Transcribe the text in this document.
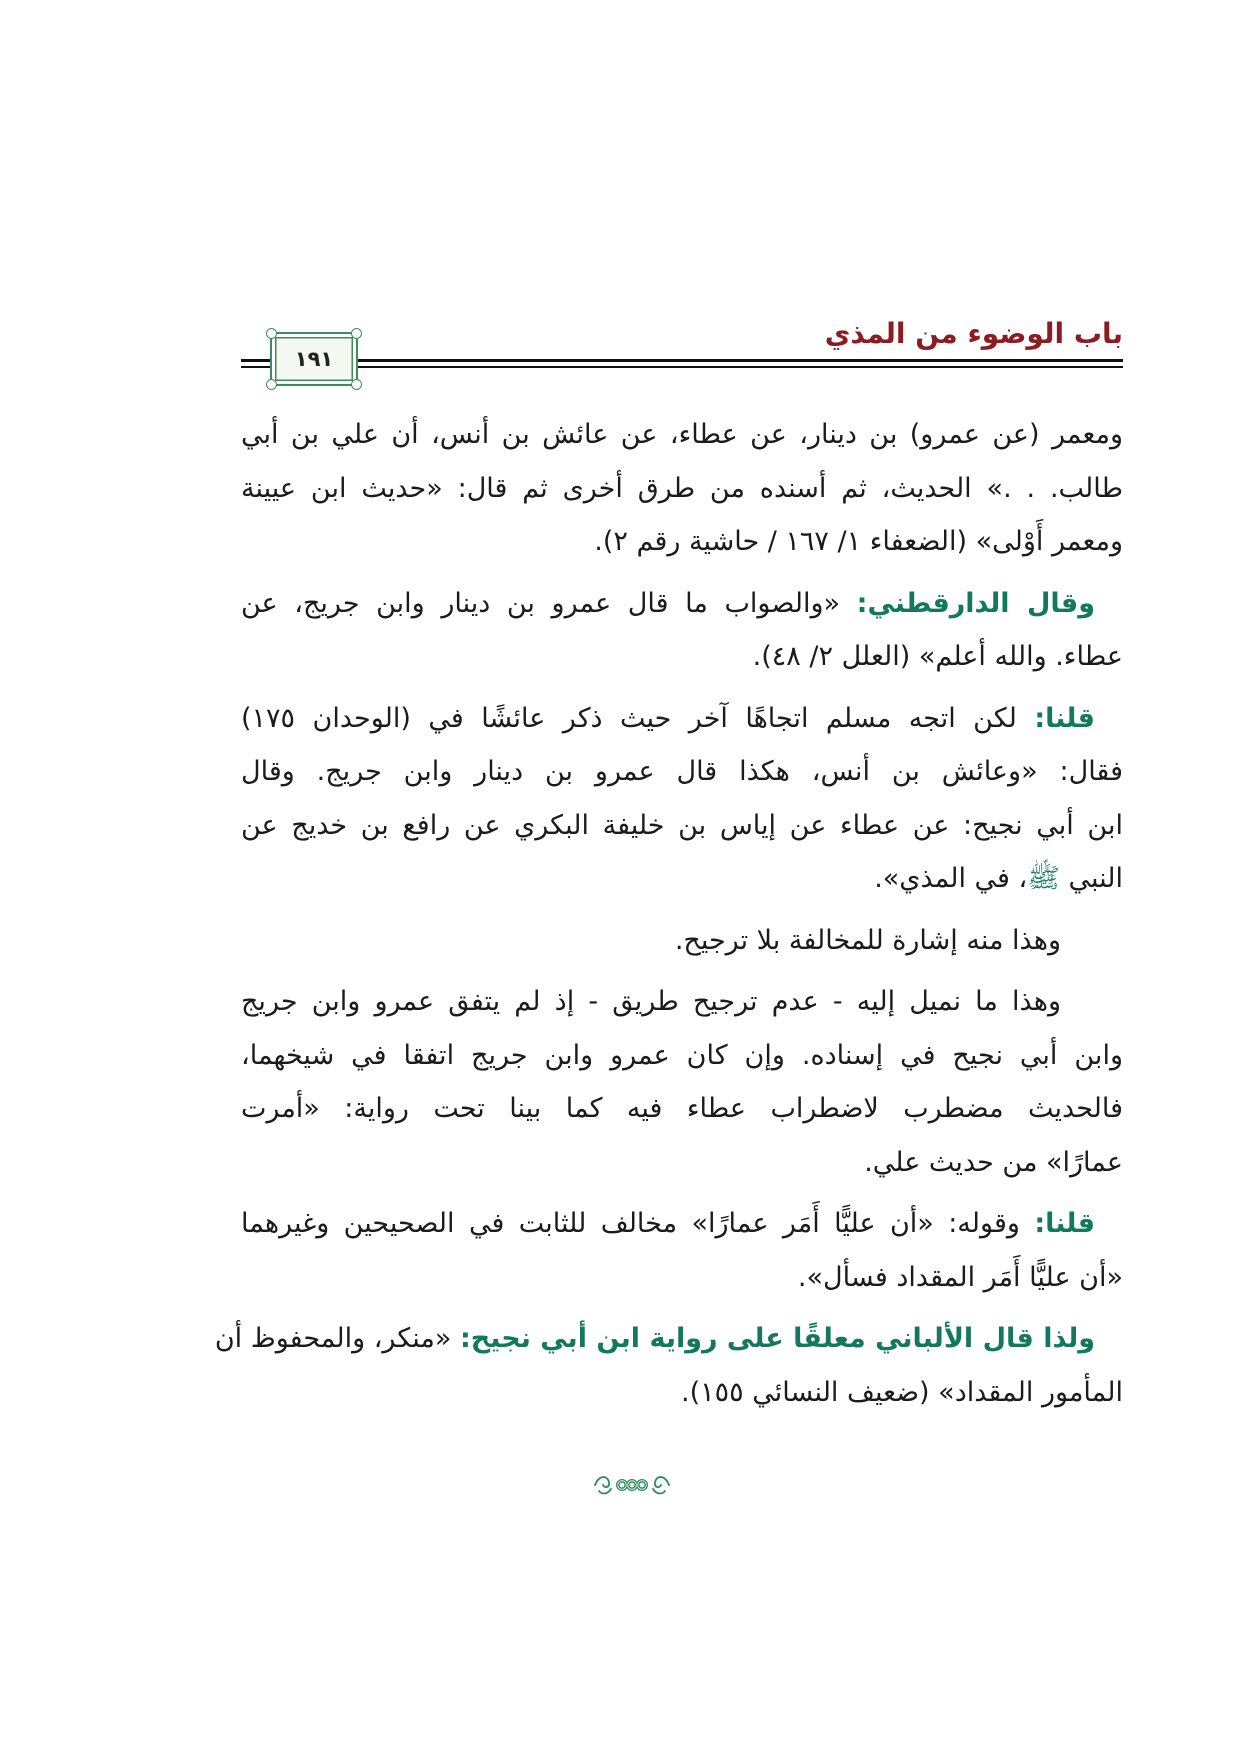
باب الوضوء من المذي
١٩١
ومعمر (عن عمرو) بن دينار، عن عطاء، عن عائش بن أنس، أن علي بن أبي
طالب. . .» الحديث، ثم أسنده من طرق أخرى ثم قال: «حديث ابن عيينة
ومعمر أَوْلى» (الضعفاء ١/ ١٦٧ / حاشية رقم ٢).
وقال الدارقطني: «والصواب ما قال عمرو بن دينار وابن جريج، عن
عطاء. والله أعلم» (العلل ٢/ ٤٨).
قلنا: لكن اتجه مسلم اتجاهًا آخر حيث ذكر عائشًا في (الوحدان ١٧٥)
فقال: «وعائش بن أنس، هكذا قال عمرو بن دينار وابن جريج. وقال
ابن أبي نجيح: عن عطاء عن إياس بن خليفة البكري عن رافع بن خديج عن
النبي ﷺ، في المذي».
وهذا منه إشارة للمخالفة بلا ترجيح.
وهذا ما نميل إليه - عدم ترجيح طريق - إذ لم يتفق عمرو وابن جريج
وابن أبي نجيح في إسناده. وإن كان عمرو وابن جريج اتفقا في شيخهما،
فالحديث مضطرب لاضطراب عطاء فيه كما بينا تحت رواية: «أمرت
عمارًا» من حديث علي.
قلنا: وقوله: «أن عليًّا أَمَر عمارًا» مخالف للثابت في الصحيحين وغيرهما
«أن عليًّا أَمَر المقداد فسأل».
ولذا قال الألباني معلقًا على رواية ابن أبي نجيح: «منكر، والمحفوظ أن
المأمور المقداد» (ضعيف النسائي ١٥٥).
